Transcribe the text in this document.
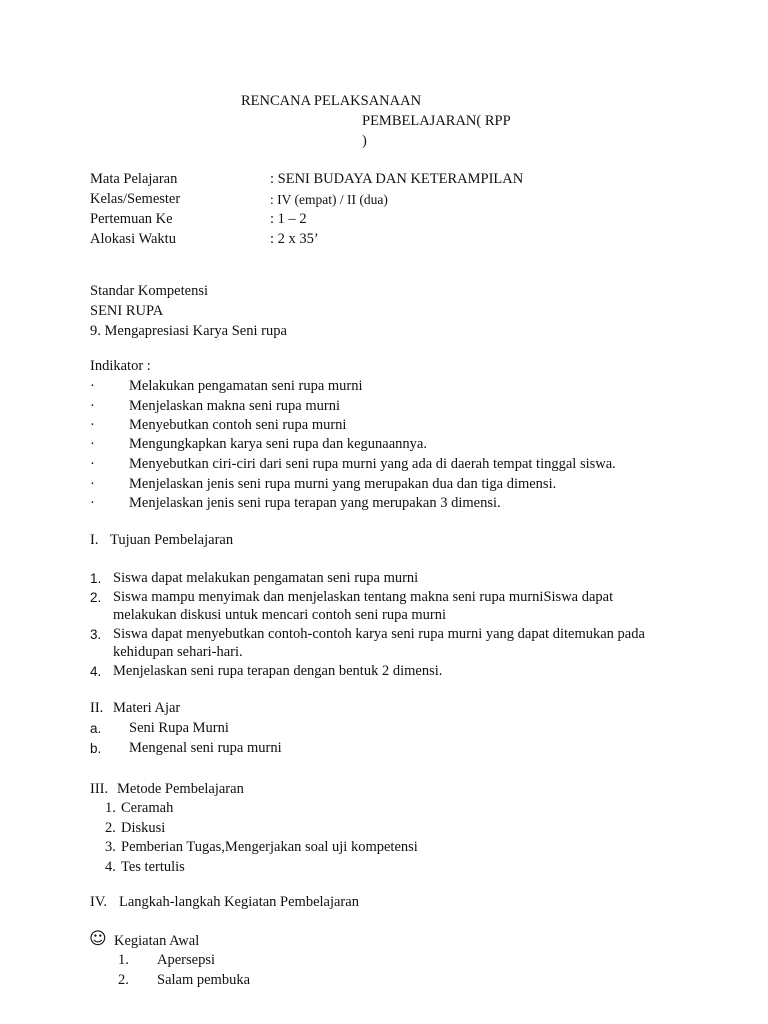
RENCANA PELAKSANAAN
PEMBELAJARAN( RPP
)
Mata Pelajaran	: SENI BUDAYA DAN KETERAMPILAN
Kelas/Semester	: IV (empat) / II (dua)
Pertemuan Ke	: 1 – 2
Alokasi Waktu	: 2 x 35’
Standar Kompetensi
SENI RUPA
9. Mengapresiasi Karya Seni rupa
Indikator :
· Melakukan pengamatan seni rupa murni
· Menjelaskan makna seni rupa murni
· Menyebutkan contoh seni rupa murni
· Mengungkapkan karya seni rupa dan kegunaannya.
· Menyebutkan ciri-ciri dari seni rupa murni yang ada di daerah tempat tinggal siswa.
· Menjelaskan jenis seni rupa murni yang merupakan dua dan tiga dimensi.
· Menjelaskan jenis seni rupa terapan yang merupakan 3 dimensi.
I. Tujuan Pembelajaran
1. Siswa dapat melakukan pengamatan seni rupa murni
2. Siswa mampu menyimak dan menjelaskan tentang makna seni rupa murniSiswa dapat
melakukan diskusi untuk mencari contoh seni rupa murni
3. Siswa dapat menyebutkan contoh-contoh karya seni rupa murni yang dapat ditemukan pada
kehidupan sehari-hari.
4. Menjelaskan seni rupa terapan dengan bentuk 2 dimensi.
II. Materi Ajar
a. Seni Rupa Murni
b. Mengenal seni rupa murni
III. Metode Pembelajaran
1. Ceramah
2. Diskusi
3. Pemberian Tugas,Mengerjakan soal uji kompetensi
4. Tes tertulis
IV. Langkah-langkah Kegiatan Pembelajaran
☺ Kegiatan Awal
1. Apersepsi
2. Salam pembuka
